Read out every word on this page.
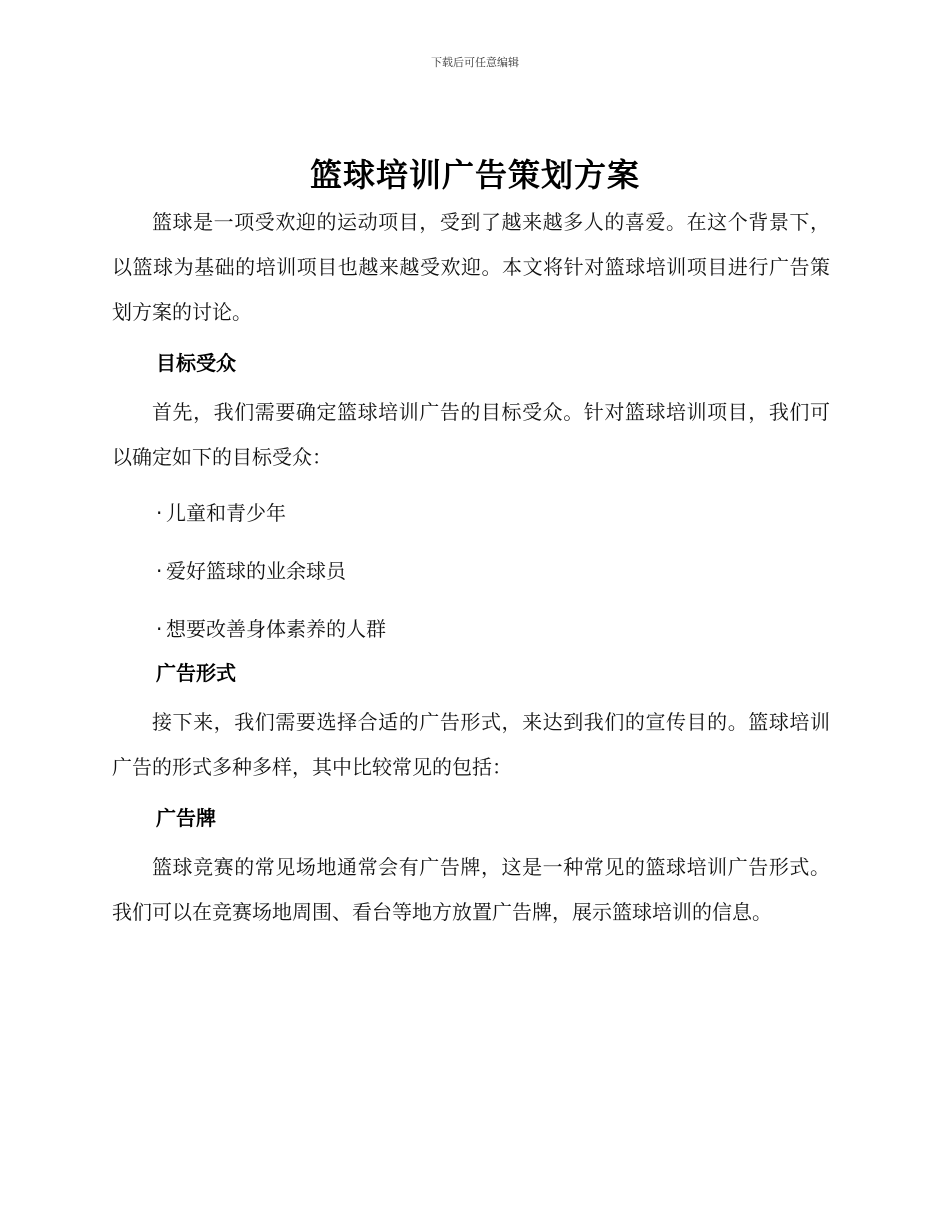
下载后可任意编辑
篮球培训广告策划方案

篮球是一项受欢迎的运动项目，受到了越来越多人的喜爱。在这个背景下，以篮球为基础的培训项目也越来越受欢迎。本文将针对篮球培训项目进行广告策划方案的讨论。

目标受众

首先，我们需要确定篮球培训广告的目标受众。针对篮球培训项目，我们可以确定如下的目标受众：

· 儿童和青少年
· 爱好篮球的业余球员
· 想要改善身体素养的人群
广告形式

接下来，我们需要选择合适的广告形式，来达到我们的宣传目的。篮球培训广告的形式多种多样，其中比较常见的包括：

广告牌

篮球竞赛的常见场地通常会有广告牌，这是一种常见的篮球培训广告形式。我们可以在竞赛场地周围、看台等地方放置广告牌，展示篮球培训的信息。
